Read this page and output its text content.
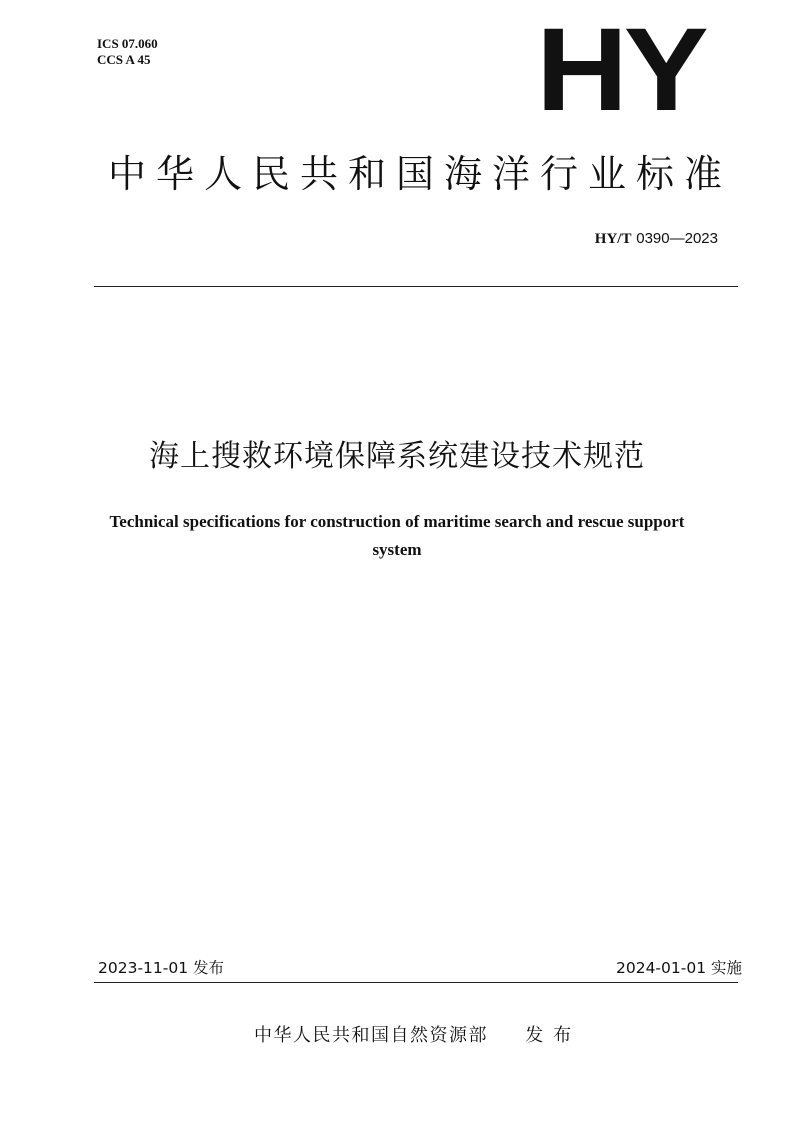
ICS 07.060
CCS A 45	HY
中华人民共和国海洋行业标准
HY/T 0390—2023
海上搜救环境保障系统建设技术规范
Technical specifications for construction of maritime search and rescue support system
2023-11-01 发布	2024-01-01 实施
中华人民共和国自然资源部 发布
